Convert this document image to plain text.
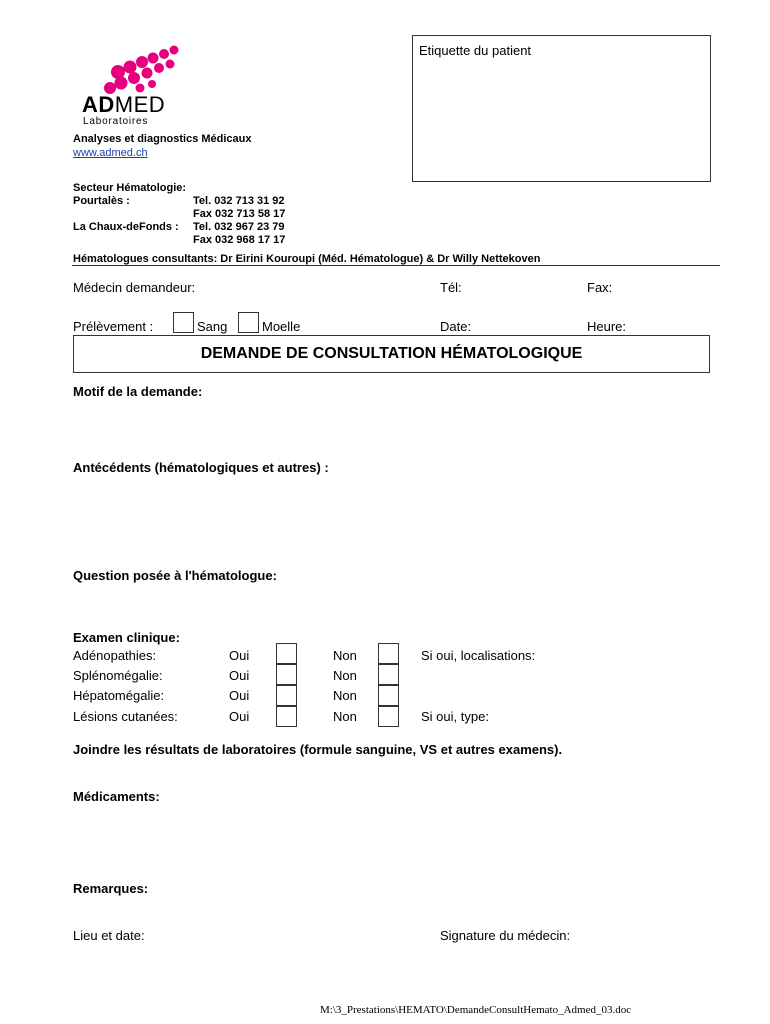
ADMED
Laboratoires
Analyses et diagnostics Médicaux
www.admed.ch
Secteur Hématologie:
Pourtalès :	Tel. 032 713 31 92
Fax 032 713 58 17
La Chaux-deFonds : Tel. 032 967 23 79
Fax 032 968 17 17
Hématologues consultants: Dr Eirini Kouroupi (Méd. Hématologue) & Dr Willy Nettekoven
Etiquette du patient
Médecin demandeur:	Tél:	Fax:
Prélèvement :	Sang	Moelle	Date:	Heure:
DEMANDE DE CONSULTATION HÉMATOLOGIQUE
Motif de la demande:
Antécédents (hématologiques et autres) :
Question posée à l'hématologue:
Examen clinique:
Adénopathies:	Oui	Non	Si oui, localisations:
Splénomégalie:	Oui	Non
Hépatomégalie:	Oui	Non
Lésions cutanées:	Oui	Non	Si oui, type:
Joindre les résultats de laboratoires (formule sanguine, VS et autres examens).
Médicaments:
Remarques:
Lieu et date:	Signature du médecin:
M:\3_Prestations\HEMATO\DemandeConsultHemato_Admed_03.doc
